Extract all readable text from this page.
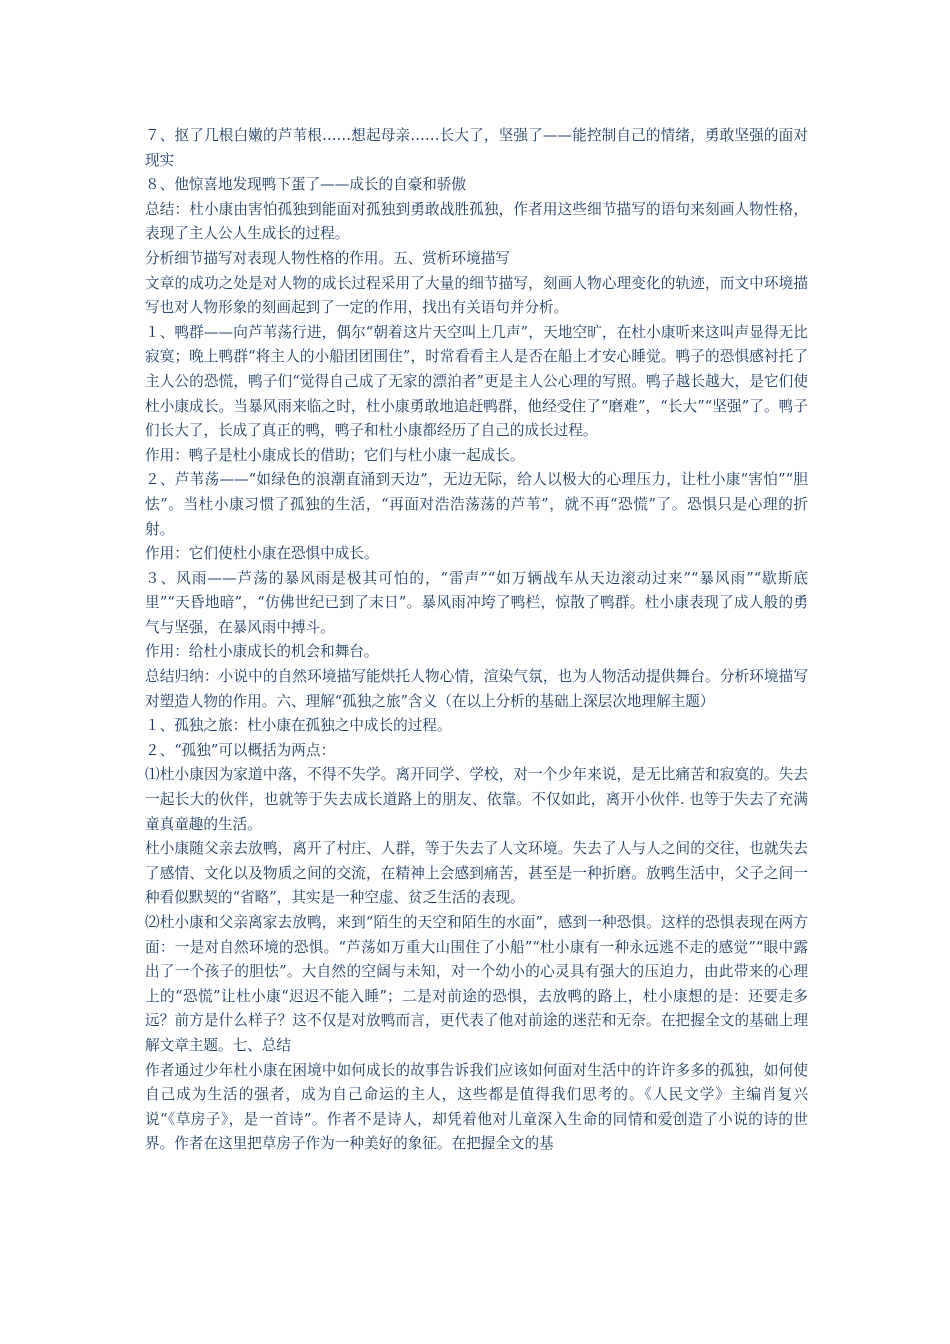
７、抠了几根白嫩的芦苇根……想起母亲……长大了，坚强了——能控制自己的情绪，勇敢坚强的面对现实

８、他惊喜地发现鸭下蛋了——成长的自豪和骄傲

总结：杜小康由害怕孤独到能面对孤独到勇敢战胜孤独，作者用这些细节描写的语句来刻画人物性格，表现了主人公人生成长的过程。

分析细节描写对表现人物性格的作用。五、赏析环境描写

文章的成功之处是对人物的成长过程采用了大量的细节描写，刻画人物心理变化的轨迹，而文中环境描写也对人物形象的刻画起到了一定的作用，找出有关语句并分析。

１、鸭群——向芦苇荡行进，偶尔“朝着这片天空叫上几声”，天地空旷，在杜小康听来这叫声显得无比寂寞；晚上鸭群“将主人的小船团团围住”，时常看看主人是否在船上才安心睡觉。鸭子的恐惧感衬托了主人公的恐慌，鸭子们“觉得自己成了无家的漂泊者”更是主人公心理的写照。鸭子越长越大，是它们使杜小康成长。当暴风雨来临之时，杜小康勇敢地追赶鸭群，他经受住了“磨难”，“长大”“坚强”了。鸭子们长大了，长成了真正的鸭，鸭子和杜小康都经历了自己的成长过程。

作用：鸭子是杜小康成长的借助；它们与杜小康一起成长。

２、芦苇荡——“如绿色的浪潮直涌到天边”，无边无际，给人以极大的心理压力，让杜小康“害怕”“胆怯”。当杜小康习惯了孤独的生活，“再面对浩浩荡荡的芦苇”，就不再“恐慌”了。恐惧只是心理的折射。

作用：它们使杜小康在恐惧中成长。

３、风雨——芦荡的暴风雨是极其可怕的，“雷声”“如万辆战车从天边滚动过来”“暴风雨”“歇斯底里”“天昏地暗”，“仿佛世纪已到了末日”。暴风雨冲垮了鸭栏，惊散了鸭群。杜小康表现了成人般的勇气与坚强，在暴风雨中搏斗。

作用：给杜小康成长的机会和舞台。

总结归纳：小说中的自然环境描写能烘托人物心情，渲染气氛，也为人物活动提供舞台。分析环境描写对塑造人物的作用。六、理解“孤独之旅”含义（在以上分析的基础上深层次地理解主题）

１、孤独之旅：杜小康在孤独之中成长的过程。

２、“孤独”可以概括为两点：

⑴杜小康因为家道中落，不得不失学。离开同学、学校，对一个少年来说，是无比痛苦和寂寞的。失去一起长大的伙伴，也就等于失去成长道路上的朋友、依靠。不仅如此，离开小伙伴. 也等于失去了充满童真童趣的生活。

杜小康随父亲去放鸭，离开了村庄、人群，等于失去了人文环境。失去了人与人之间的交往，也就失去了感情、文化以及物质之间的交流，在精神上会感到痛苦，甚至是一种折磨。放鸭生活中，父子之间一种看似默契的“省略”，其实是一种空虚、贫乏生活的表现。

⑵杜小康和父亲离家去放鸭，来到“陌生的天空和陌生的水面”，感到一种恐惧。这样的恐惧表现在两方面：一是对自然环境的恐惧。“芦荡如万重大山围住了小船”“杜小康有一种永远逃不走的感觉”“眼中露出了一个孩子的胆怯”。大自然的空阔与未知，对一个幼小的心灵具有强大的压迫力，由此带来的心理上的“恐慌”让杜小康“迟迟不能入睡”；二是对前途的恐惧，去放鸭的路上，杜小康想的是：还要走多远？前方是什么样子？这不仅是对放鸭而言，更代表了他对前途的迷茫和无奈。在把握全文的基础上理解文章主题。七、总结

作者通过少年杜小康在困境中如何成长的故事告诉我们应该如何面对生活中的许许多多的孤独，如何使自己成为生活的强者，成为自己命运的主人，这些都是值得我们思考的。《人民文学》主编肖复兴说“《草房子》，是一首诗”。作者不是诗人，却凭着他对儿童深入生命的同情和爱创造了小说的诗的世界。作者在这里把草房子作为一种美好的象征。在把握全文的基
